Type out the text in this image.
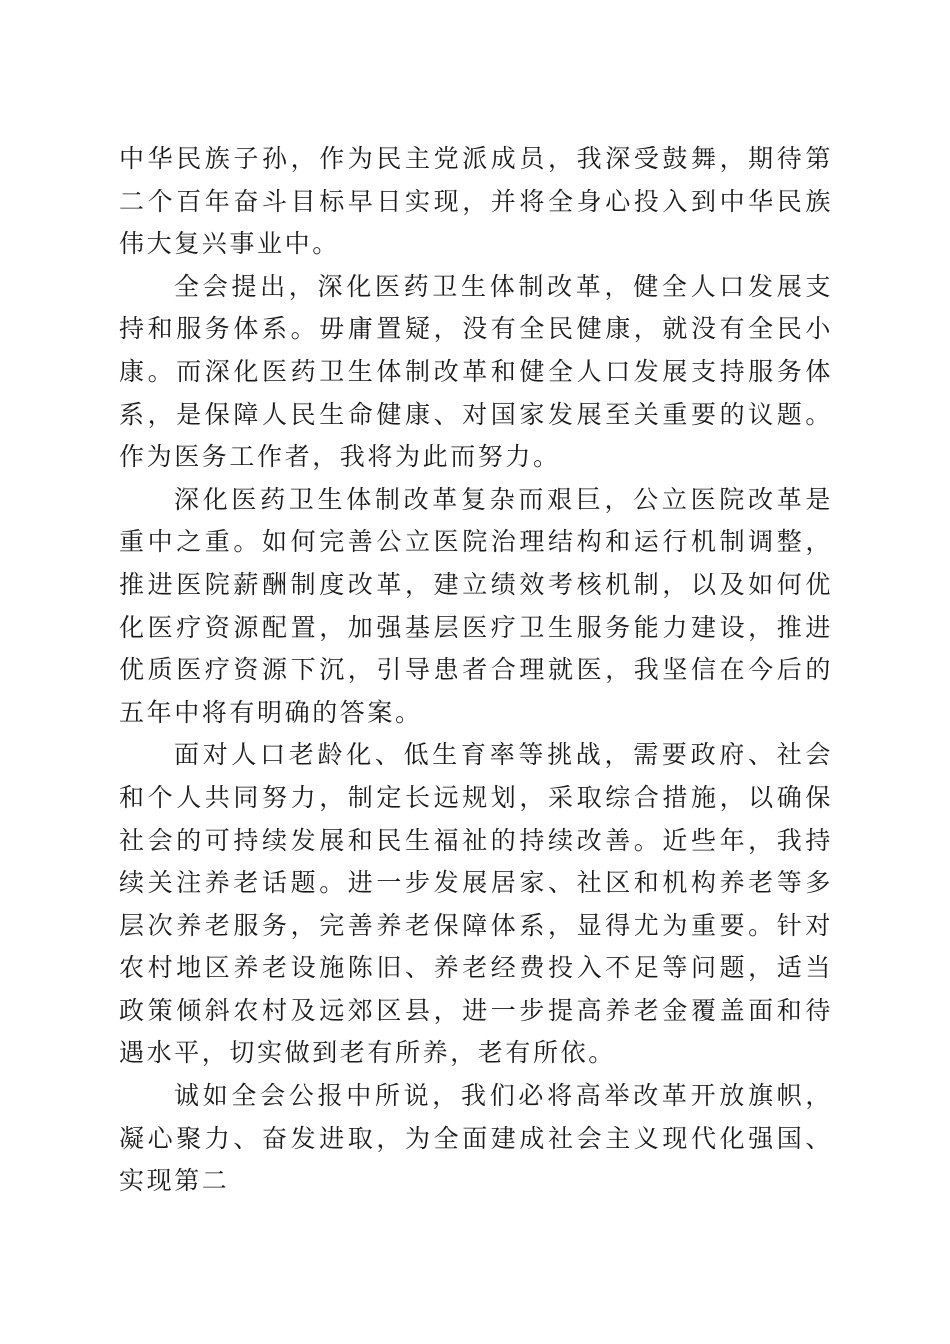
中华民族子孙，作为民主党派成员，我深受鼓舞，期待第二个百年奋斗目标早日实现，并将全身心投入到中华民族伟大复兴事业中。

全会提出，深化医药卫生体制改革，健全人口发展支持和服务体系。毋庸置疑，没有全民健康，就没有全民小康。而深化医药卫生体制改革和健全人口发展支持服务体系，是保障人民生命健康、对国家发展至关重要的议题。作为医务工作者，我将为此而努力。

深化医药卫生体制改革复杂而艰巨，公立医院改革是重中之重。如何完善公立医院治理结构和运行机制调整，推进医院薪酬制度改革，建立绩效考核机制，以及如何优化医疗资源配置，加强基层医疗卫生服务能力建设，推进优质医疗资源下沉，引导患者合理就医，我坚信在今后的五年中将有明确的答案。

面对人口老龄化、低生育率等挑战，需要政府、社会和个人共同努力，制定长远规划，采取综合措施，以确保社会的可持续发展和民生福祉的持续改善。近些年，我持续关注养老话题。进一步发展居家、社区和机构养老等多层次养老服务，完善养老保障体系，显得尤为重要。针对农村地区养老设施陈旧、养老经费投入不足等问题，适当政策倾斜农村及远郊区县，进一步提高养老金覆盖面和待遇水平，切实做到老有所养，老有所依。

诚如全会公报中所说，我们必将高举改革开放旗帜，凝心聚力、奋发进取，为全面建成社会主义现代化强国、实现第二
